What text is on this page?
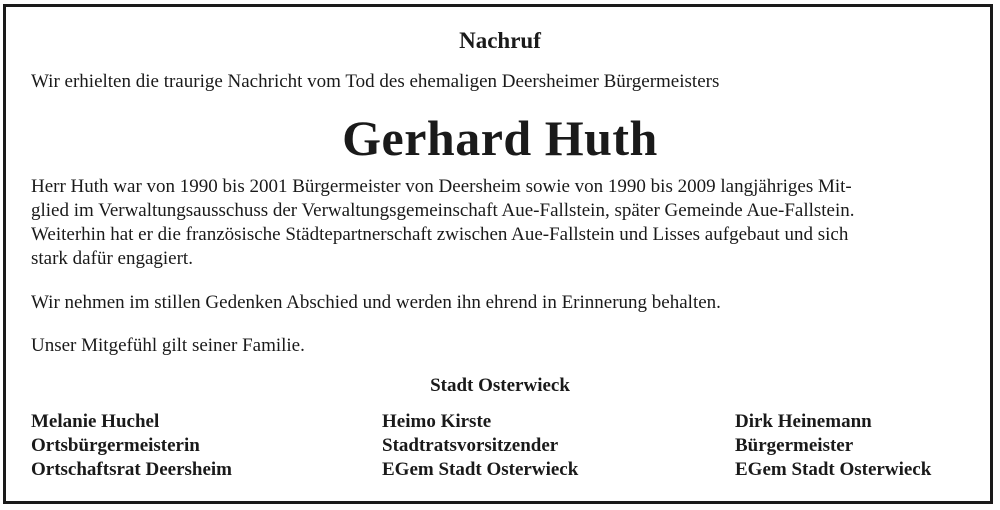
Nachruf
Wir erhielten die traurige Nachricht vom Tod des ehemaligen Deersheimer Bürgermeisters
Gerhard Huth
Herr Huth war von 1990 bis 2001 Bürgermeister von Deersheim sowie von 1990 bis 2009 langjähriges Mit-
glied im Verwaltungsausschuss der Verwaltungsgemeinschaft Aue-Fallstein, später Gemeinde Aue-Fallstein.
Weiterhin hat er die französische Städtepartnerschaft zwischen Aue-Fallstein und Lisses aufgebaut und sich
stark dafür engagiert.
Wir nehmen im stillen Gedenken Abschied und werden ihn ehrend in Erinnerung behalten.
Unser Mitgefühl gilt seiner Familie.
Stadt Osterwieck
Melanie Huchel
Ortsbürgermeisterin
Ortschaftsrat Deersheim
Heimo Kirste
Stadtratsvorsitzender
EGem Stadt Osterwieck
Dirk Heinemann
Bürgermeister
EGem Stadt Osterwieck
